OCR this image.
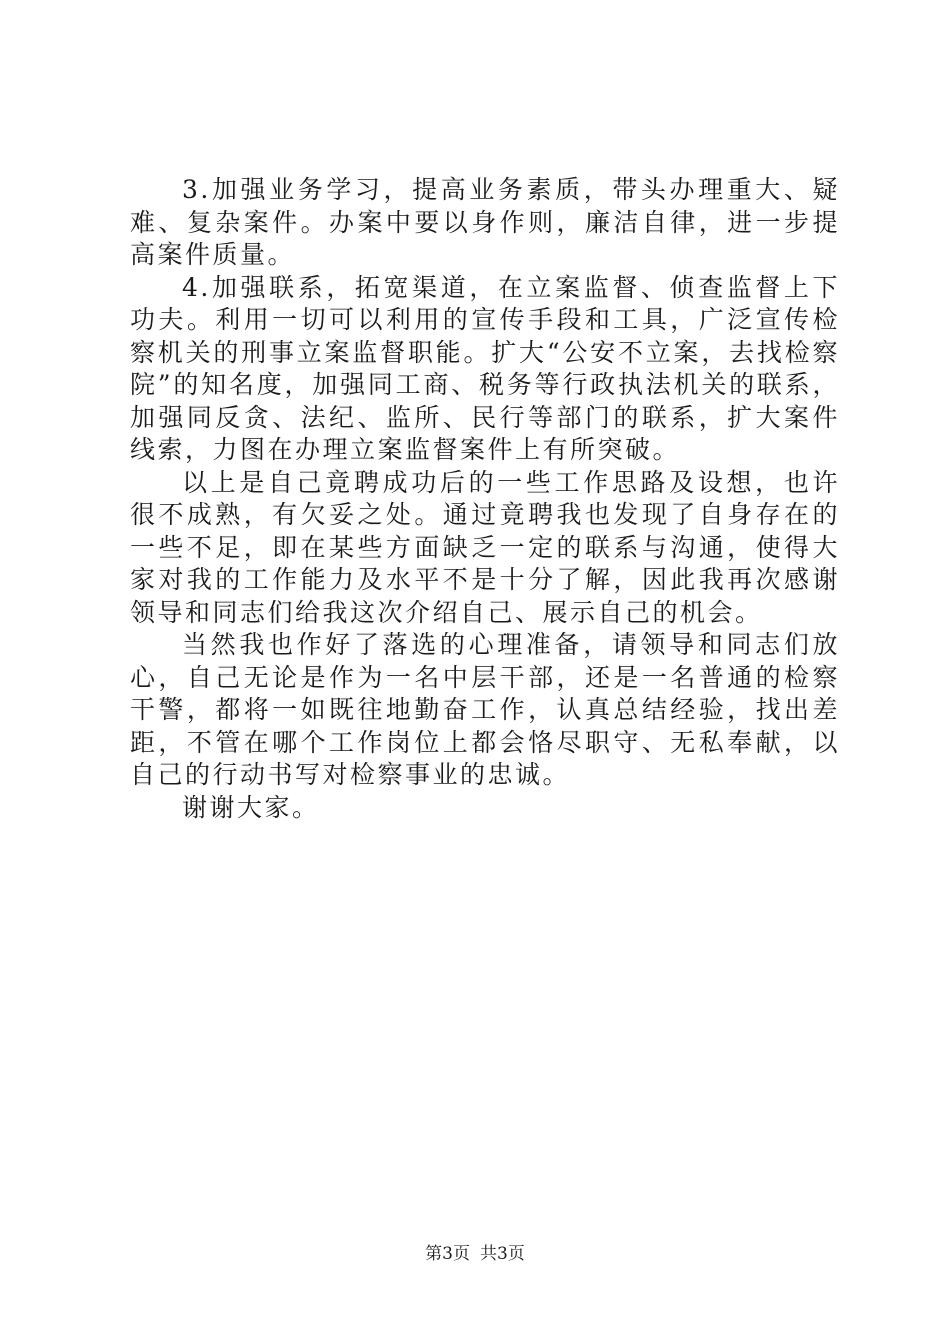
3.加强业务学习，提高业务素质，带头办理重大、疑难、复杂案件。办案中要以身作则，廉洁自律，进一步提高案件质量。

4.加强联系，拓宽渠道，在立案监督、侦查监督上下功夫。利用一切可以利用的宣传手段和工具，广泛宣传检察机关的刑事立案监督职能。扩大“公安不立案，去找检察院”的知名度，加强同工商、税务等行政执法机关的联系，加强同反贪、法纪、监所、民行等部门的联系，扩大案件线索，力图在办理立案监督案件上有所突破。

以上是自己竟聘成功后的一些工作思路及设想，也许很不成熟，有欠妥之处。通过竟聘我也发现了自身存在的一些不足，即在某些方面缺乏一定的联系与沟通，使得大家对我的工作能力及水平不是十分了解，因此我再次感谢领导和同志们给我这次介绍自己、展示自己的机会。

当然我也作好了落选的心理准备，请领导和同志们放心，自己无论是作为一名中层干部，还是一名普通的检察干警，都将一如既往地勤奋工作，认真总结经验，找出差距，不管在哪个工作岗位上都会恪尽职守、无私奉献，以自己的行动书写对检察事业的忠诚。

谢谢大家。

第3页 共3页
